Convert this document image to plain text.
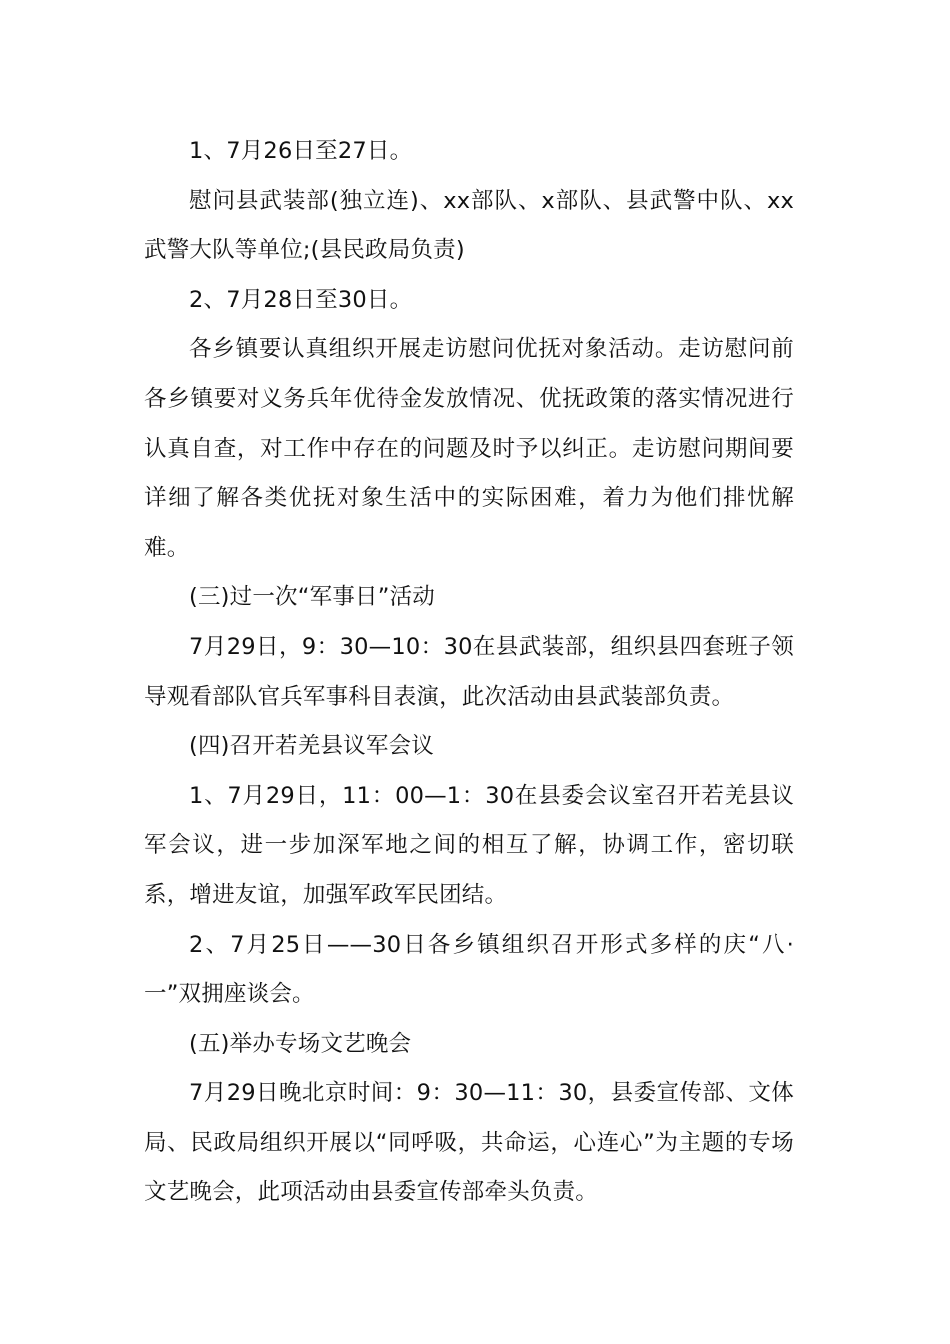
1、7月26日至27日。

慰问县武装部(独立连)、xx部队、x部队、县武警中队、xx武警大队等单位;(县民政局负责)

2、7月28日至30日。

各乡镇要认真组织开展走访慰问优抚对象活动。走访慰问前各乡镇要对义务兵年优待金发放情况、优抚政策的落实情况进行认真自查，对工作中存在的问题及时予以纠正。走访慰问期间要详细了解各类优抚对象生活中的实际困难，着力为他们排忧解难。

(三)过一次“军事日”活动

7月29日，9：30—10：30在县武装部，组织县四套班子领导观看部队官兵军事科目表演，此次活动由县武装部负责。

(四)召开若羌县议军会议

1、7月29日，11：00—1：30在县委会议室召开若羌县议军会议，进一步加深军地之间的相互了解，协调工作，密切联系，增进友谊，加强军政军民团结。

2、7月25日——30日各乡镇组织召开形式多样的庆“八·一”双拥座谈会。

(五)举办专场文艺晚会

7月29日晚北京时间：9：30—11：30，县委宣传部、文体局、民政局组织开展以“同呼吸，共命运，心连心”为主题的专场文艺晚会，此项活动由县委宣传部牵头负责。
